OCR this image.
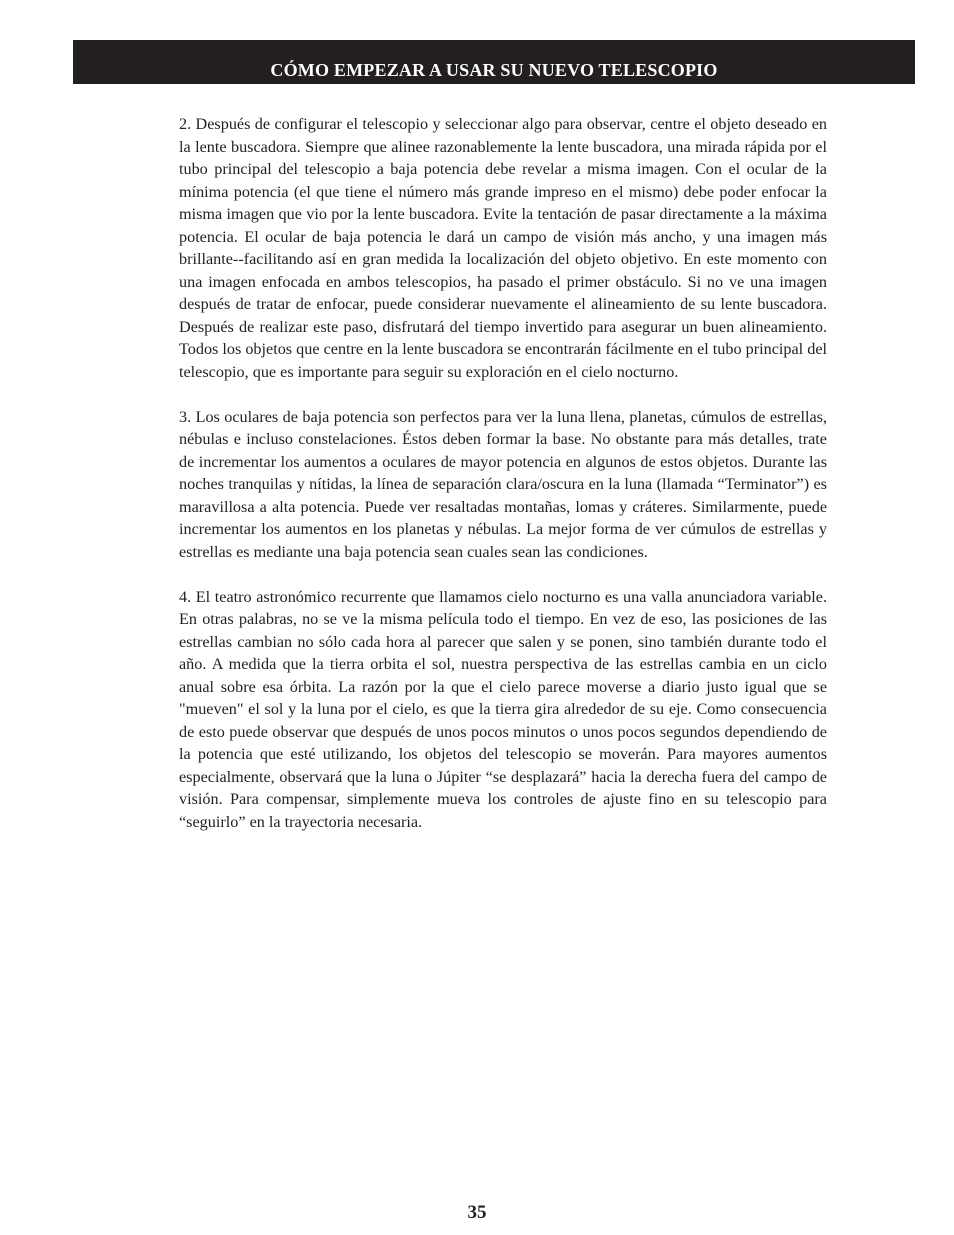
CÓMO EMPEZAR A USAR SU NUEVO TELESCOPIO

2. Después de configurar el telescopio y seleccionar algo para observar, centre el objeto deseado en la lente buscadora. Siempre que alinee razonablemente la lente buscadora, una mirada rápida por el tubo principal del telescopio a baja potencia debe revelar a misma imagen. Con el ocular de la mínima potencia (el que tiene el número más grande impreso en el mismo) debe poder enfocar la misma imagen que vio por la lente buscadora. Evite la tentación de pasar directamente a la máxima potencia. El ocular de baja potencia le dará un campo de visión más ancho, y una imagen más brillante--facilitando así en gran medida la localización del objeto objetivo. En este momento con una imagen enfocada en ambos telescopios, ha pasado el primer obstáculo. Si no ve una imagen después de tratar de enfocar, puede considerar nuevamente el alineamiento de su lente buscadora. Después de realizar este paso, disfrutará del tiempo invertido para asegurar un buen alineamiento. Todos los objetos que centre en la lente buscadora se encontrarán fácilmente en el tubo principal del telescopio, que es importante para seguir su exploración en el cielo nocturno.

3. Los oculares de baja potencia son perfectos para ver la luna llena, planetas, cúmulos de estrellas, nébulas e incluso constelaciones. Éstos deben formar la base. No obstante para más detalles, trate de incrementar los aumentos a oculares de mayor potencia en algunos de estos objetos. Durante las noches tranquilas y nítidas, la línea de separación clara/oscura en la luna (llamada “Terminator”) es maravillosa a alta potencia. Puede ver resaltadas montañas, lomas y cráteres. Similarmente, puede incrementar los aumentos en los planetas y nébulas. La mejor forma de ver cúmulos de estrellas y estrellas es mediante una baja potencia sean cuales sean las condiciones.

4. El teatro astronómico recurrente que llamamos cielo nocturno es una valla anunciadora variable. En otras palabras, no se ve la misma película todo el tiempo. En vez de eso, las posiciones de las estrellas cambian no sólo cada hora al parecer que salen y se ponen, sino también durante todo el año. A medida que la tierra orbita el sol, nuestra perspectiva de las estrellas cambia en un ciclo anual sobre esa órbita. La razón por la que el cielo parece moverse a diario justo igual que se "mueven" el sol y la luna por el cielo, es que la tierra gira alrededor de su eje. Como consecuencia de esto puede observar que después de unos pocos minutos o unos pocos segundos dependiendo de la potencia que esté utilizando, los objetos del telescopio se moverán. Para mayores aumentos especialmente, observará que la luna o Júpiter “se desplazará” hacia la derecha fuera del campo de visión. Para compensar, simplemente mueva los controles de ajuste fino en su telescopio para “seguirlo” en la trayectoria necesaria.

35
